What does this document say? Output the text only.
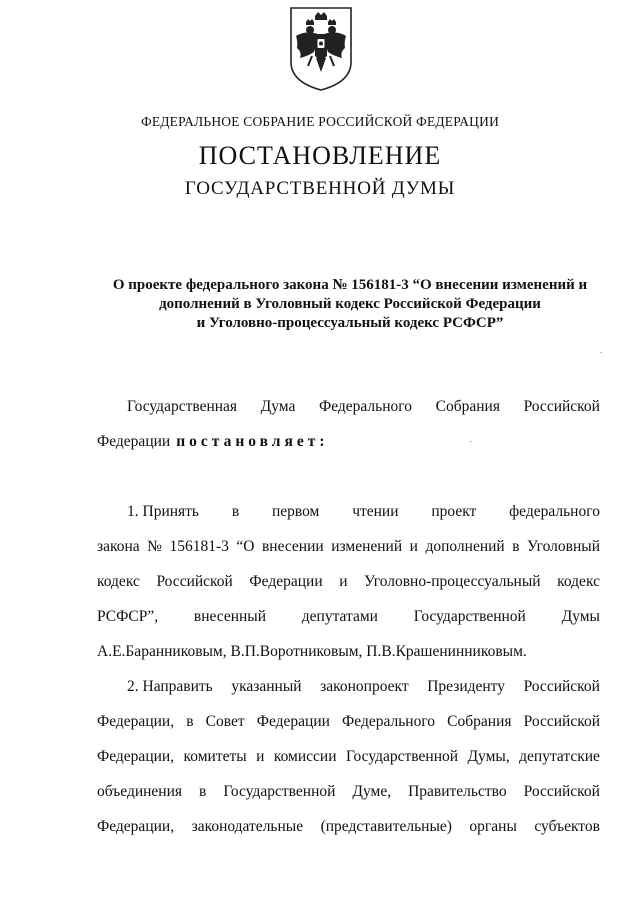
ФЕДЕРАЛЬНОЕ СОБРАНИЕ РОССИЙСКОЙ ФЕДЕРАЦИИ
ПОСТАНОВЛЕНИЕ
ГОСУДАРСТВЕННОЙ ДУМЫ
О проекте федерального закона № 156181-3 “О внесении изменений и
дополнений в Уголовный кодекс Российской Федерации
и Уголовно-процессуальный кодекс РСФСР”
Государственная Дума Федерального Собрания Российской
Федерации постановляет:
1. Принять в первом чтении проект федерального
закона № 156181-3 “О внесении изменений и дополнений в Уголовный
кодекс Российской Федерации и Уголовно-процессуальный кодекс
РСФСР”, внесенный депутатами Государственной Думы
А.Е.Баранниковым, В.П.Воротниковым, П.В.Крашенинниковым.
2. Направить указанный законопроект Президенту Российской
Федерации, в Совет Федерации Федерального Собрания Российской
Федерации, комитеты и комиссии Государственной Думы, депутатские
объединения в Государственной Думе, Правительство Российской
Федерации, законодательные (представительные) органы субъектов
